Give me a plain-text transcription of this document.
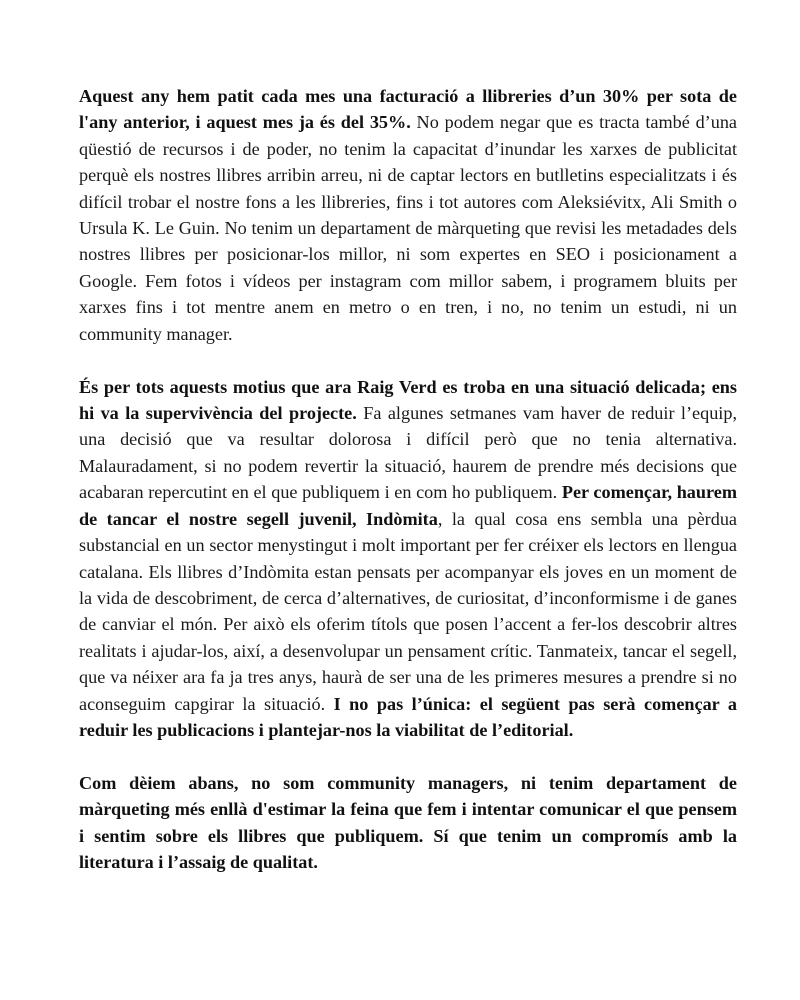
Aquest any hem patit cada mes una facturació a llibreries d’un 30% per sota de l'any anterior, i aquest mes ja és del 35%. No podem negar que es tracta també d’una qüestió de recursos i de poder, no tenim la capacitat d’inundar les xarxes de publicitat perquè els nostres llibres arribin arreu, ni de captar lectors en butlletins especialitzats i és difícil trobar el nostre fons a les llibreries, fins i tot autores com Aleksiévitx, Ali Smith o Ursula K. Le Guin. No tenim un departament de màrqueting que revisi les metadades dels nostres llibres per posicionar-los millor, ni som expertes en SEO i posicionament a Google. Fem fotos i vídeos per instagram com millor sabem, i programem bluits per xarxes fins i tot mentre anem en metro o en tren, i no, no tenim un estudi, ni un community manager.

És per tots aquests motius que ara Raig Verd es troba en una situació delicada; ens hi va la supervivència del projecte. Fa algunes setmanes vam haver de reduir l’equip, una decisió que va resultar dolorosa i difícil però que no tenia alternativa. Malauradament, si no podem revertir la situació, haurem de prendre més decisions que acabaran repercutint en el que publiquem i en com ho publiquem. Per començar, haurem de tancar el nostre segell juvenil, Indòmita, la qual cosa ens sembla una pèrdua substancial en un sector menystingut i molt important per fer créixer els lectors en llengua catalana. Els llibres d’Indòmita estan pensats per acompanyar els joves en un moment de la vida de descobriment, de cerca d’alternatives, de curiositat, d’inconformisme i de ganes de canviar el món. Per això els oferim títols que posen l’accent a fer-los descobrir altres realitats i ajudar-los, així, a desenvolupar un pensament crític. Tanmateix, tancar el segell, que va néixer ara fa ja tres anys, haurà de ser una de les primeres mesures a prendre si no aconseguim capgirar la situació. I no pas l’única: el següent pas serà començar a reduir les publicacions i plantejar-nos la viabilitat de l’editorial.

Com dèiem abans, no som community managers, ni tenim departament de màrqueting més enllà d'estimar la feina que fem i intentar comunicar el que pensem i sentim sobre els llibres que publiquem. Sí que tenim un compromís amb la literatura i l’assaig de qualitat.
